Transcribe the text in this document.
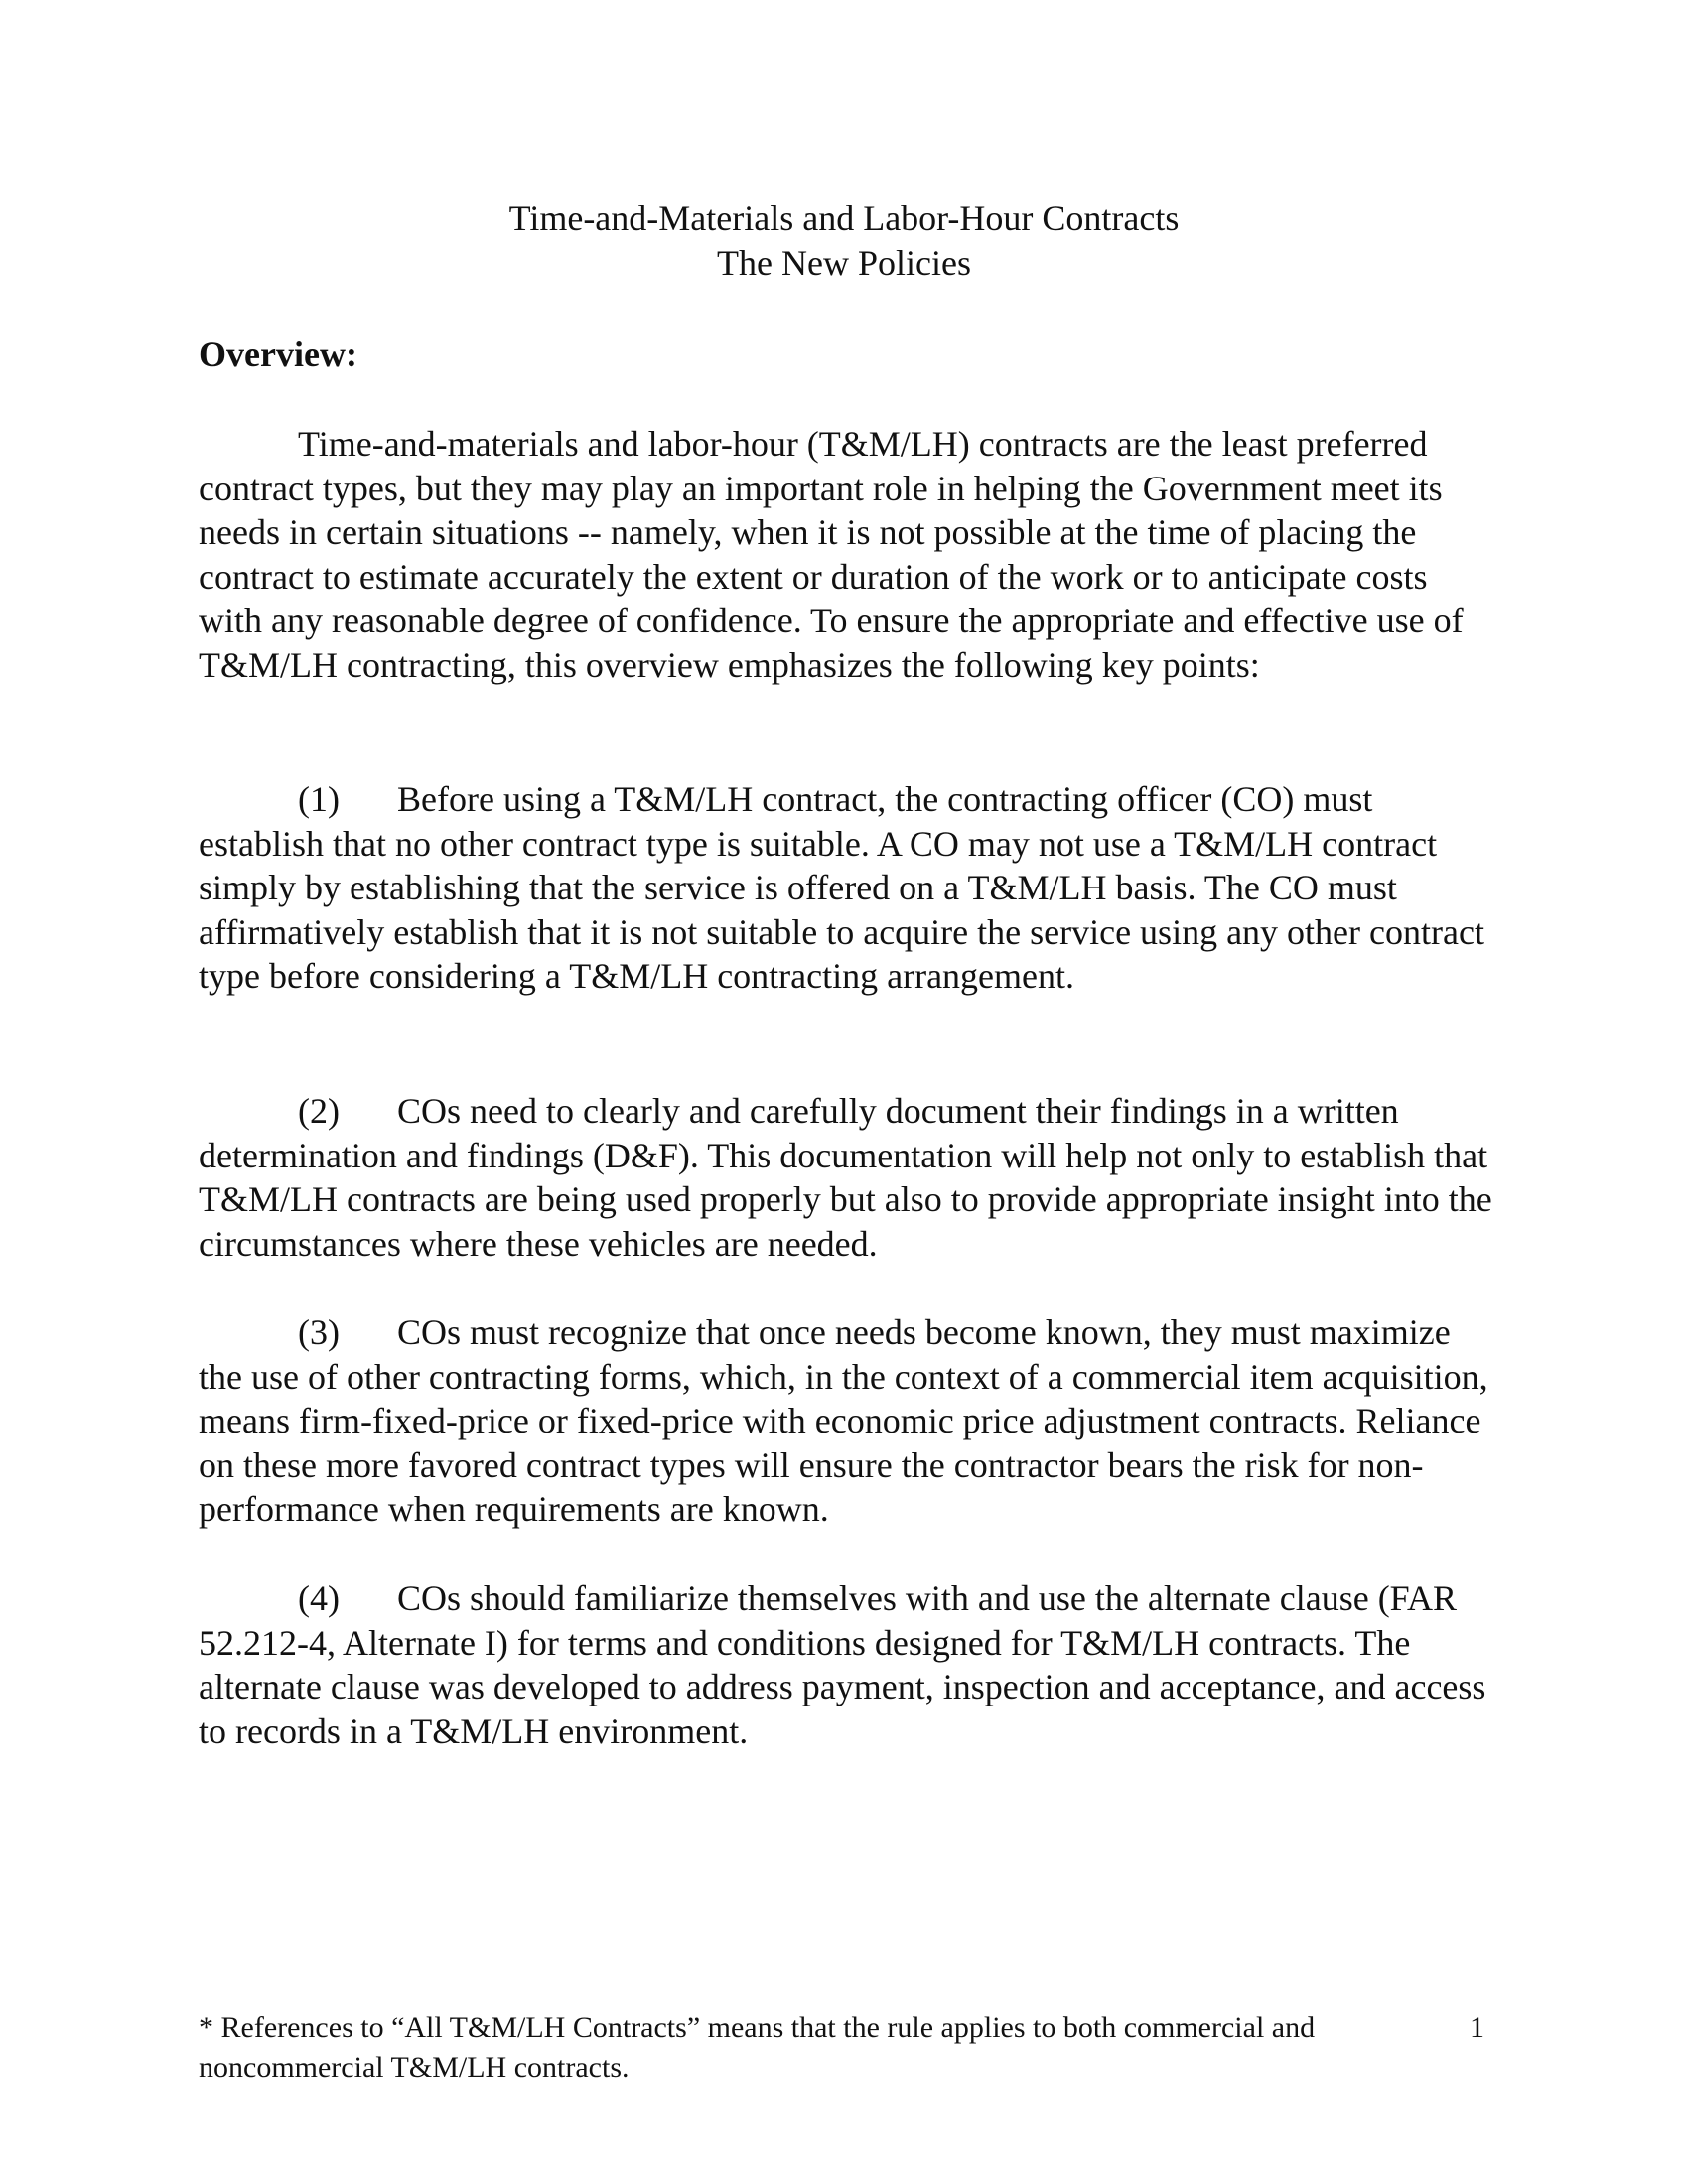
Time-and-Materials and Labor-Hour Contracts
The New Policies
Overview:
Time-and-materials and labor-hour (T&M/LH) contracts are the least preferred contract types, but they may play an important role in helping the Government meet its needs in certain situations -- namely, when it is not possible at the time of placing the contract to estimate accurately the extent or duration of the work or to anticipate costs with any reasonable degree of confidence. To ensure the appropriate and effective use of T&M/LH contracting, this overview emphasizes the following key points:
(1) Before using a T&M/LH contract, the contracting officer (CO) must establish that no other contract type is suitable. A CO may not use a T&M/LH contract simply by establishing that the service is offered on a T&M/LH basis. The CO must affirmatively establish that it is not suitable to acquire the service using any other contract type before considering a T&M/LH contracting arrangement.
(2) COs need to clearly and carefully document their findings in a written determination and findings (D&F). This documentation will help not only to establish that T&M/LH contracts are being used properly but also to provide appropriate insight into the circumstances where these vehicles are needed.
(3) COs must recognize that once needs become known, they must maximize the use of other contracting forms, which, in the context of a commercial item acquisition, means firm-fixed-price or fixed-price with economic price adjustment contracts. Reliance on these more favored contract types will ensure the contractor bears the risk for non-performance when requirements are known.
(4) COs should familiarize themselves with and use the alternate clause (FAR 52.212-4, Alternate I) for terms and conditions designed for T&M/LH contracts. The alternate clause was developed to address payment, inspection and acceptance, and access to records in a T&M/LH environment.
* References to “All T&M/LH Contracts” means that the rule applies to both commercial and noncommercial T&M/LH contracts.
1
